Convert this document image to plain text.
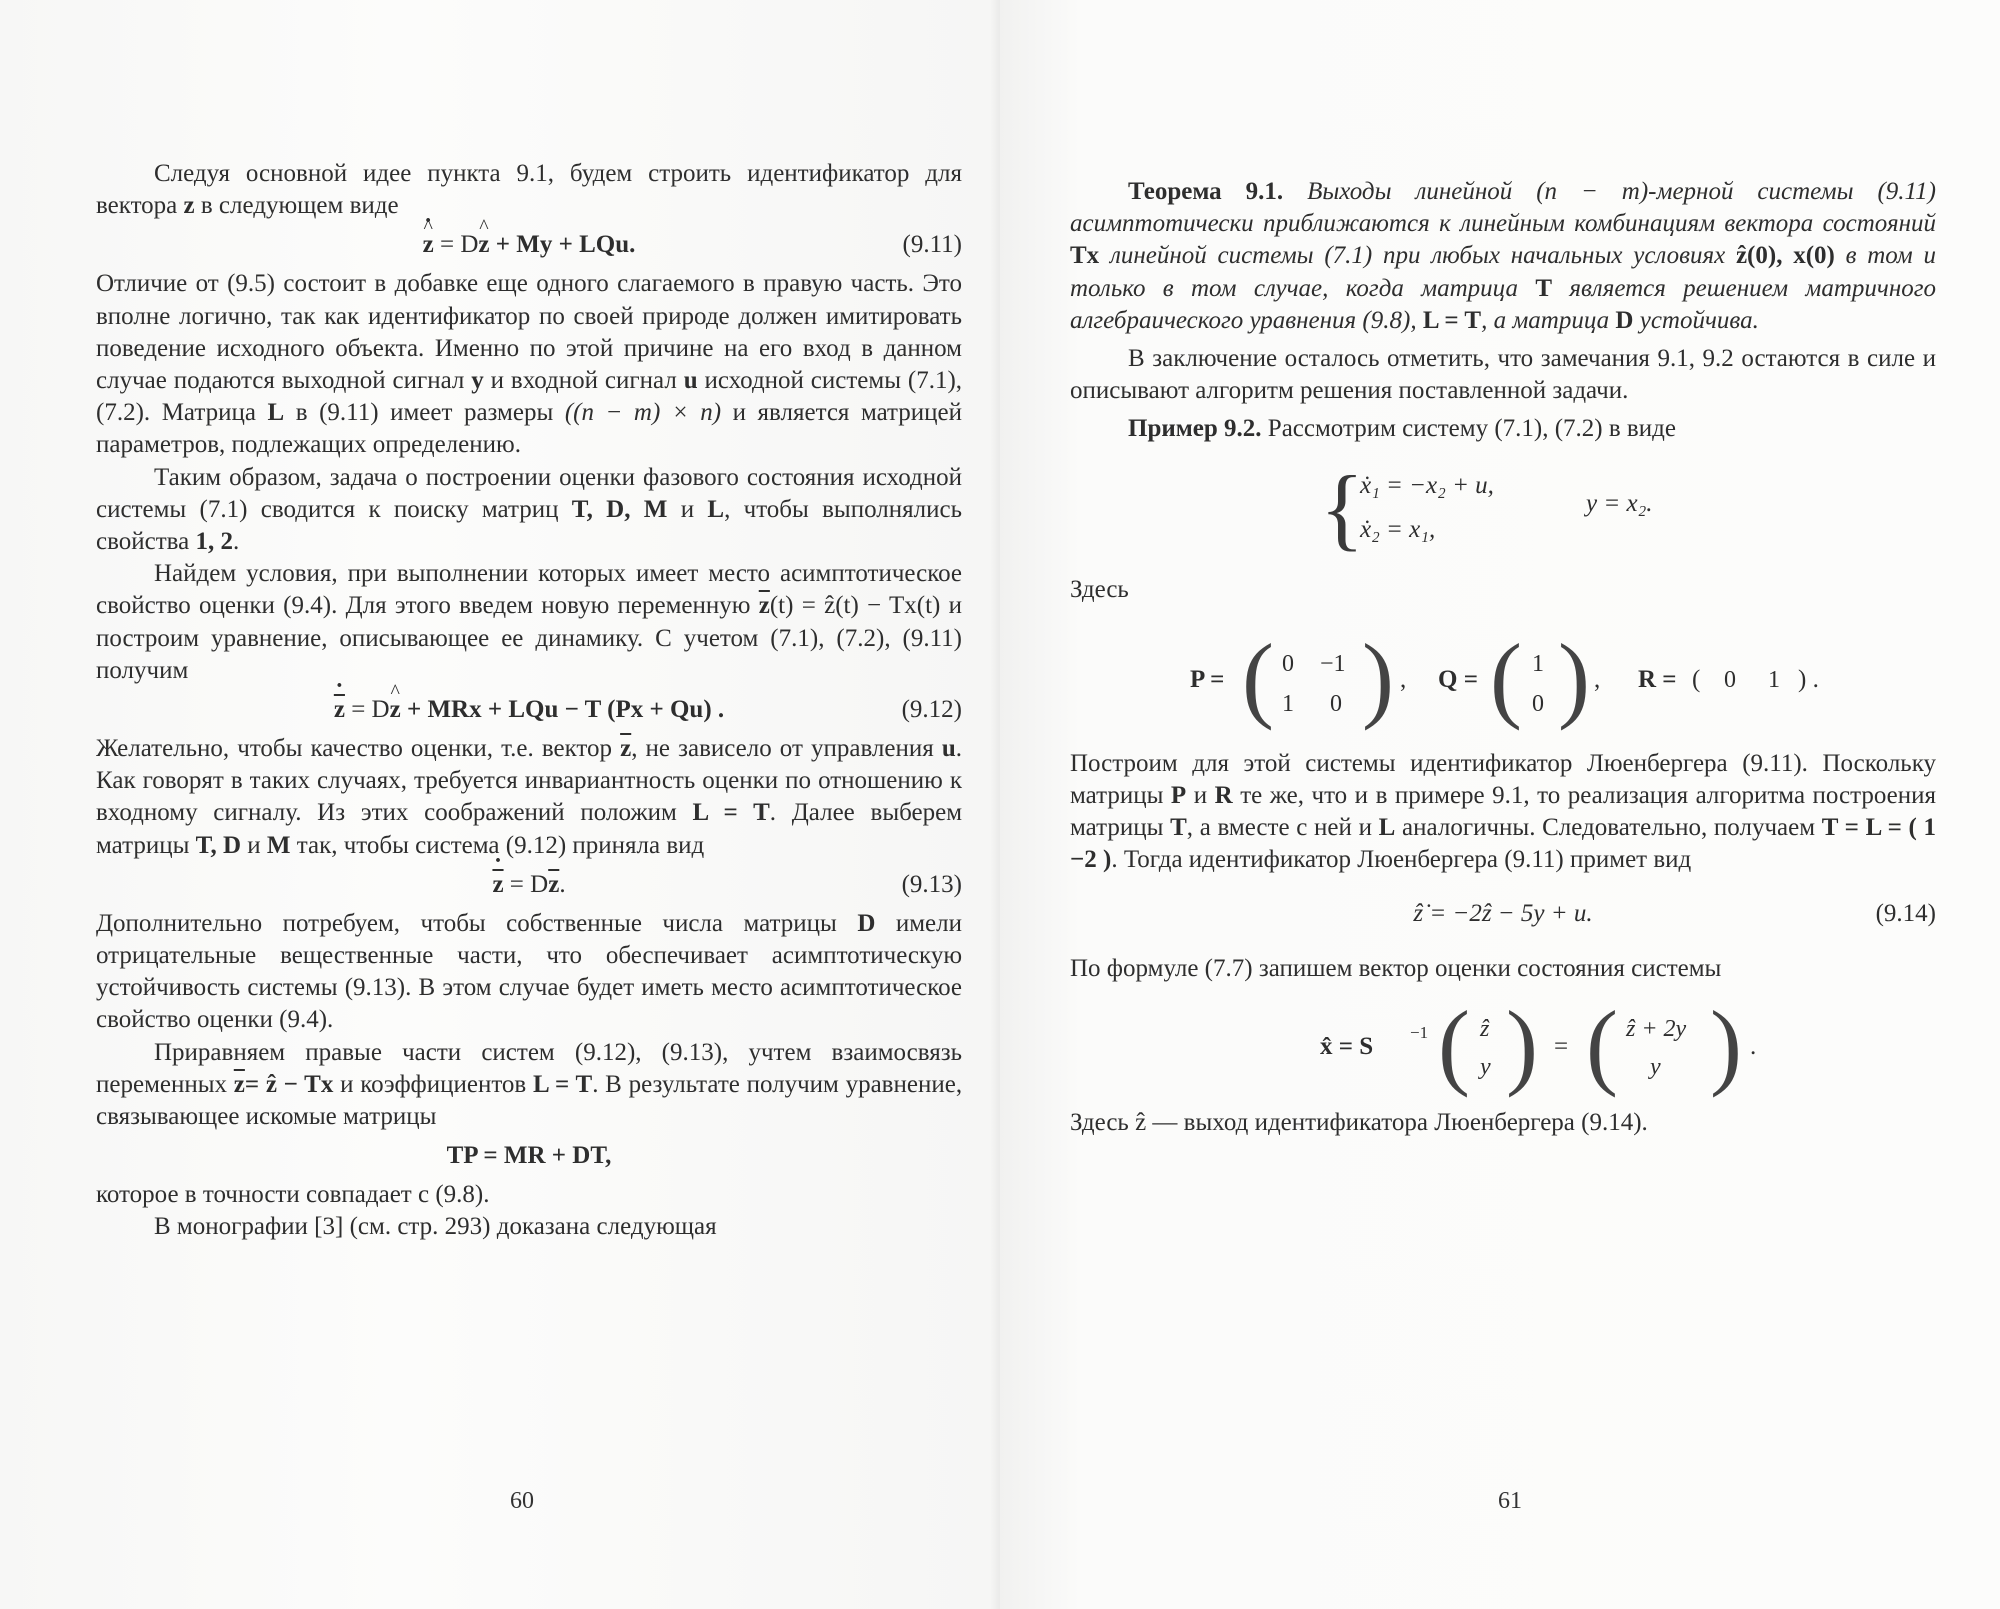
Следуя основной идее пункта 9.1, будем строить идентификатор для вектора z в следующем виде

^ z . = D^ z + My + LQu.	(9.11)

Отличие от (9.5) состоит в добавке еще одного слагаемого в правую часть. Это вполне логично, так как идентификатор по своей природе должен имитировать поведение исходного объекта. Именно по этой причине на его вход в данном случае подаются выходной сигнал y и входной сигнал u исходной системы (7.1), (7.2). Матрица L в (9.11) имеет размеры ((n − m) × n) и является матрицей параметров, подлежащих определению.

Таким образом, задача о построении оценки фазового состояния исходной системы (7.1) сводится к поиску матриц T, D, M и L, чтобы выполнялись свойства 1, 2.

Найдем условия, при выполнении которых имеет место асимптотическое свойство оценки (9.4). Для этого введем новую переменную $\overline{z}(t)$ = ẑ(t) − Tx(t) и построим уравнение, описывающее ее динамику. С учетом (7.1), (7.2), (9.11) получим

$\overline{z}$ . = D^ z + MRx + LQu − T (Px + Qu) .	(9.12)

Желательно, чтобы качество оценки, т.е. вектор $\overline{z}$, не зависело от управления u. Как говорят в таких случаях, требуется инвариантность оценки по отношению к входному сигналу. Из этих соображений положим L = T. Далее выберем матрицы T, D и M так, чтобы система (9.12) приняла вид

$\overline{z}$ . = $D\overline{z}$.	(9.13)

Дополнительно потребуем, чтобы собственные числа матрицы D имели отрицательные вещественные части, что обеспечивает асимптотическую устойчивость системы (9.13). В этом случае будет иметь место асимптотическое свойство оценки (9.4).

Приравняем правые части систем (9.12), (9.13), учтем взаимосвязь переменных $\overline{z}=$ ẑ − Tx и коэффициентов L = T. В результате получим уравнение, связывающее искомые матрицы

TP = MR + DT,

которое в точности совпадает с (9.8).

В монографии [3] (см. стр. 293) доказана следующая

60

Теорема 9.1. Выходы линейной (n − m)-мерной системы (9.11) асимптотически приближаются к линейным комбинациям вектора состояний Tx линейной системы (7.1) при любых начальных условиях ẑ(0), x(0) в том и только в том случае, когда матрица T является решением матричного алгебраического уравнения (9.8), L = T, а матрица D устойчива.

В заключение осталось отметить, что замечания 9.1, 9.2 остаются в силе и описывают алгоритм решения поставленной задачи.

Пример 9.2. Рассмотрим систему (7.1), (7.2) в виде

{
ẋ₁ = −x₂ + u,
ẋ₂ = x₁,
y = x₂.

Здесь

P = ( 0 −1
1 0 ) , Q = ( 1
0 ) , R = ( 0 1 ) .

Построим для этой системы идентификатор Люенбергера (9.11). Поскольку матрицы P и R те же, что и в примере 9.1, то реализация алгоритма построения матрицы T, а вместе с ней и L аналогичны. Следовательно, получаем T = L = ( 1 −2 ). Тогда идентификатор Люенбергера (9.11) примет вид

ẑ̇ = −2ẑ − 5y + u.	(9.14)

По формуле (7.7) запишем вектор оценки состояния системы

x̂ = S
−1 ( ẑ
y ) = ( ẑ + 2y
y ) .

Здесь ẑ — выход идентификатора Люенбергера (9.14).

61
